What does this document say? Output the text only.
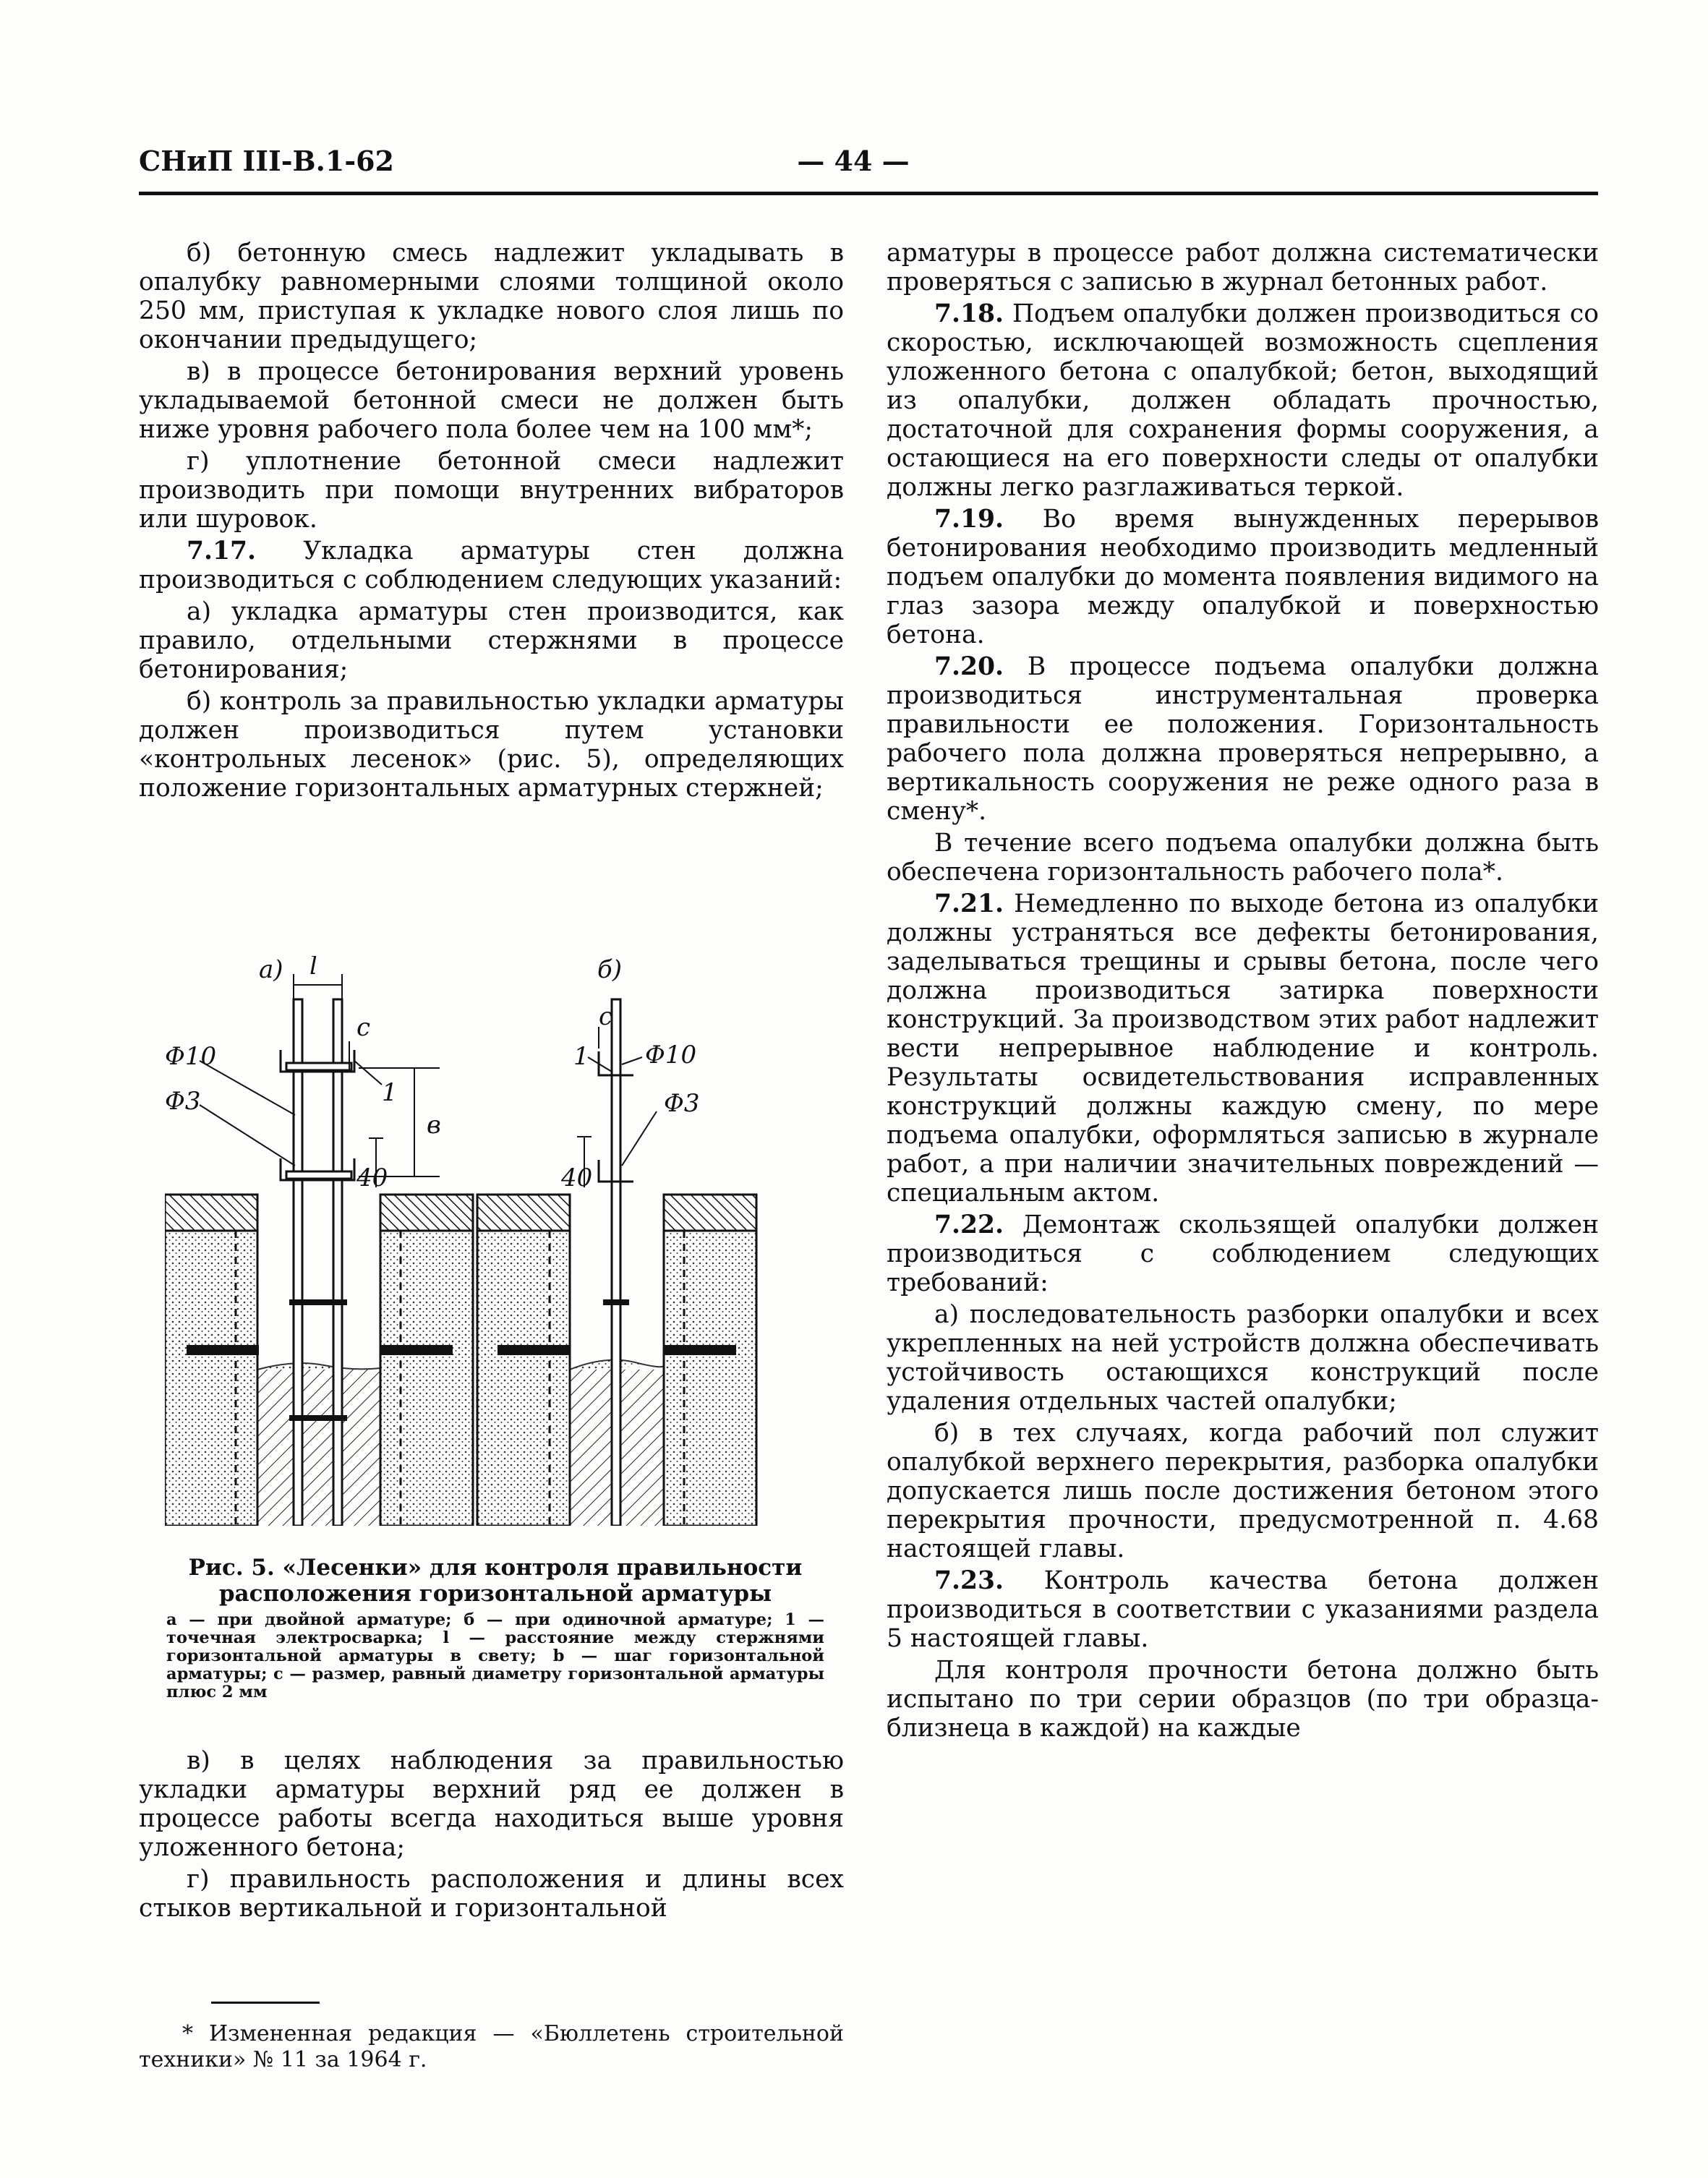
СНиП III-В.1-62	— 44 —

б) бетонную смесь надлежит укладывать в опалубку равномерными слоями толщиной около 250 мм, приступая к укладке нового слоя лишь по окончании предыдущего;

в) в процессе бетонирования верхний уровень укладываемой бетонной смеси не должен быть ниже уровня рабочего пола более чем на 100 мм*;

г) уплотнение бетонной смеси надлежит производить при помощи внутренних вибраторов или шуровок.

7.17. Укладка арматуры стен должна производиться с соблюдением следующих указаний:

а) укладка арматуры стен производится, как правило, отдельными стержнями в процессе бетонирования;

б) контроль за правильностью укладки арматуры должен производиться путем установки «контрольных лесенок» (рис. 5), определяющих положение горизонтальных арматурных стержней;

а) l
c
1
в
40
Φ10
Φ3
б)
c
1 Φ10
Φ3
40

Рис. 5. «Лесенки» для контроля правильности расположения горизонтальной арматуры

а — при двойной арматуре; б — при одиночной арматуре; 1 — точечная электросварка; l — расстояние между стержнями горизонтальной арматуры в свету; b — шаг горизонтальной арматуры; c — размер, равный диаметру горизонтальной арматуры плюс 2 мм

в) в целях наблюдения за правильностью укладки арматуры верхний ряд ее должен в процессе работы всегда находиться выше уровня уложенного бетона;

г) правильность расположения и длины всех стыков вертикальной и горизонтальной

* Измененная редакция — «Бюллетень строительной техники» № 11 за 1964 г.

арматуры в процессе работ должна систематически проверяться с записью в журнал бетонных работ.

7.18. Подъем опалубки должен производиться со скоростью, исключающей возможность сцепления уложенного бетона с опалубкой; бетон, выходящий из опалубки, должен обладать прочностью, достаточной для сохранения формы сооружения, а остающиеся на его поверхности следы от опалубки должны легко разглаживаться теркой.

7.19. Во время вынужденных перерывов бетонирования необходимо производить медленный подъем опалубки до момента появления видимого на глаз зазора между опалубкой и поверхностью бетона.

7.20. В процессе подъема опалубки должна производиться инструментальная проверка правильности ее положения. Горизонтальность рабочего пола должна проверяться непрерывно, а вертикальность сооружения не реже одного раза в смену*.

В течение всего подъема опалубки должна быть обеспечена горизонтальность рабочего пола*.

7.21. Немедленно по выходе бетона из опалубки должны устраняться все дефекты бетонирования, заделываться трещины и срывы бетона, после чего должна производиться затирка поверхности конструкций. За производством этих работ надлежит вести непрерывное наблюдение и контроль. Результаты освидетельствования исправленных конструкций должны каждую смену, по мере подъема опалубки, оформляться записью в журнале работ, а при наличии значительных повреждений — специальным актом.

7.22. Демонтаж скользящей опалубки должен производиться с соблюдением следующих требований:

а) последовательность разборки опалубки и всех укрепленных на ней устройств должна обеспечивать устойчивость остающихся конструкций после удаления отдельных частей опалубки;

б) в тех случаях, когда рабочий пол служит опалубкой верхнего перекрытия, разборка опалубки допускается лишь после достижения бетоном этого перекрытия прочности, предусмотренной п. 4.68 настоящей главы.

7.23. Контроль качества бетона должен производиться в соответствии с указаниями раздела 5 настоящей главы.

Для контроля прочности бетона должно быть испытано по три серии образцов (по три образца-близнеца в каждой) на каждые
